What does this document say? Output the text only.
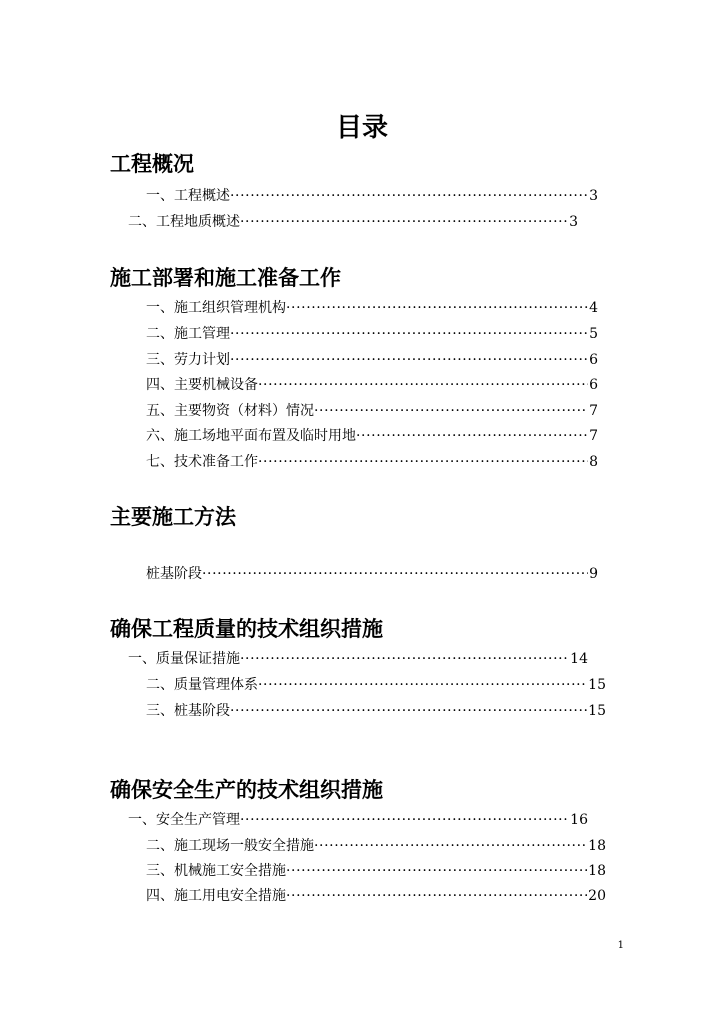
目录
工程概况
一、工程概述 ·····	3
二、工程地质概述 ·····	3
施工部署和施工准备工作
一、施工组织管理机构 ·····	4
二、施工管理 ·····	5
三、劳力计划 ·····	6
四、主要机械设备 ·····	6
五、主要物资（材料）情况 ·····	7
六、施工场地平面布置及临时用地 ·····	7
七、技术准备工作 ·····	8
主要施工方法
桩基阶段 ·····	9
确保工程质量的技术组织措施
一、质量保证措施 ·····	14
二、质量管理体系 ·····	15
三、桩基阶段 ·····	15
确保安全生产的技术组织措施
一、安全生产管理 ·····	16
二、施工现场一般安全措施 ·····	18
三、机械施工安全措施 ·····	18
四、施工用电安全措施 ·····	20
1
